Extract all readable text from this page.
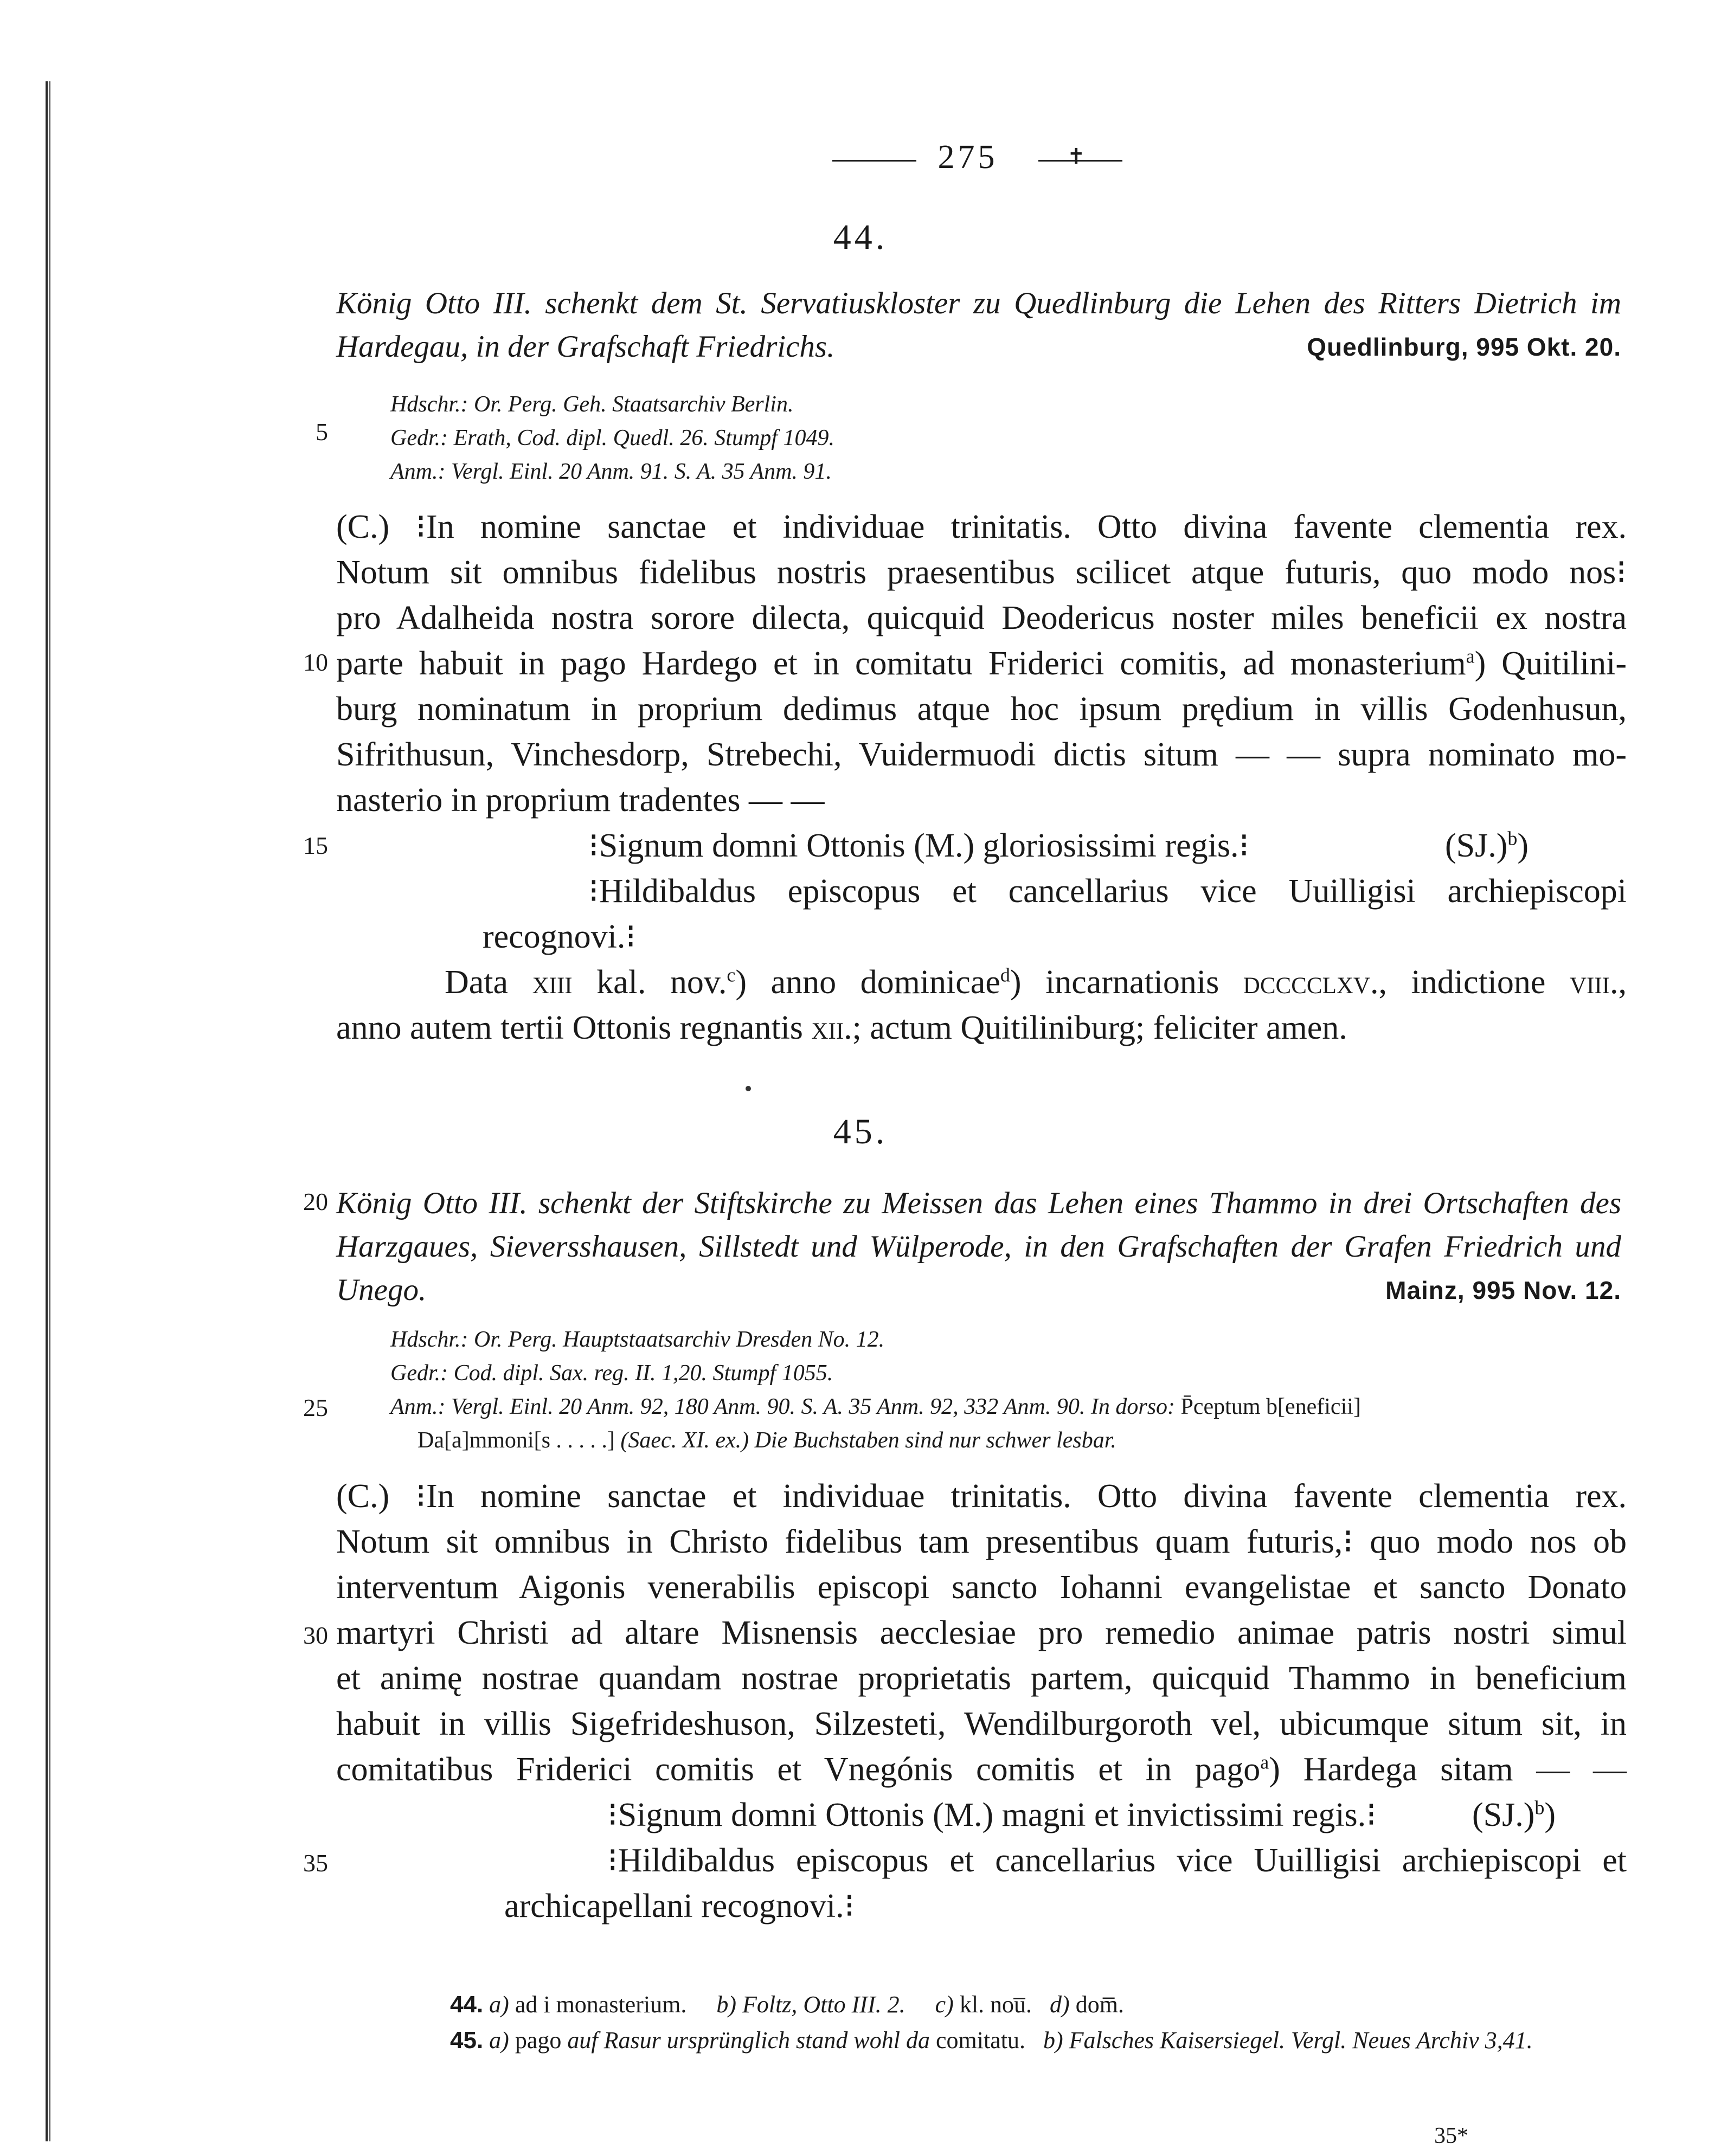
275	✝
44.
König Otto III. schenkt dem St. Servatiuskloster zu Quedlinburg die Lehen des Ritters Dietrich im Hardegau, in der Grafschaft Friedrichs.	Quedlinburg, 995 Okt. 20.
Hdschr.: Or. Perg. Geh. Staatsarchiv Berlin.
Gedr.: Erath, Cod. dipl. Quedl. 26. Stumpf 1049.
Anm.: Vergl. Einl. 20 Anm. 91. S. A. 35 Anm. 91.
(C.) ⁝In nomine sanctae et individuae trinitatis. Otto divina favente clementia rex.
Notum sit omnibus fidelibus nostris praesentibus scilicet atque futuris, quo modo nos⁝
pro Adalheida nostra sorore dilecta, quicquid Deodericus noster miles beneficii ex nostra
parte habuit in pago Hardego et in comitatu Friderici comitis, ad monasterium$^a$) Quitilini-
burg nominatum in proprium dedimus atque hoc ipsum prędium in villis Godenhusun,
Sifrithusun, Vinchesdorp, Strebechi, Vuidermuodi dictis situm — — supra nominato mo-
nasterio in proprium tradentes — —
⁝Signum domni Ottonis (M.) gloriosissimi regis.⁝	$(SJ.)^b$)
⁝Hildibaldus episcopus et cancellarius vice Uuilligisi archiepiscopi
recognovi.⁝
Data xiii kal. nov.$^c$) anno dominicae$^d$) incarnationis dcccclxv., indictione viii.,
anno autem tertii Ottonis regnantis xii.; actum Quitiliniburg; feliciter amen.
45.
König Otto III. schenkt der Stiftskirche zu Meissen das Lehen eines Thammo in drei Ortschaften des Harzgaues, Sieversshausen, Sillstedt und Wülperode, in den Grafschaften der Grafen Friedrich und Unego.	Mainz, 995 Nov. 12.
Hdschr.: Or. Perg. Hauptstaatsarchiv Dresden No. 12.
Gedr.: Cod. dipl. Sax. reg. II. 1,20. Stumpf 1055.
Anm.: Vergl. Einl. 20 Anm. 92, 180 Anm. 90. S. A. 35 Anm. 92, 332 Anm. 90. In dorso: P̄ceptum b[eneficii]
Da[a]mmoni[s . . . . .] (Saec. XI. ex.) Die Buchstaben sind nur schwer lesbar.
(C.) ⁝In nomine sanctae et individuae trinitatis. Otto divina favente clementia rex.
Notum sit omnibus in Christo fidelibus tam presentibus quam futuris,⁝ quo modo nos ob
interventum Aigonis venerabilis episcopi sancto Iohanni evangelistae et sancto Donato
martyri Christi ad altare Misnensis aecclesiae pro remedio animae patris nostri simul
et animę nostrae quandam nostrae proprietatis partem, quicquid Thammo in beneficium
habuit in villis Sigefrideshuson, Silzesteti, Wendilburgoroth vel, ubicumque situm sit, in
comitatibus Friderici comitis et Vnegónis comitis et in pago$^a$) Hardega sitam — —
⁝Signum domni Ottonis (M.) magni et invictissimi regis.⁝	$(SJ.)^b$)
⁝Hildibaldus episcopus et cancellarius vice Uuilligisi archiepiscopi et
archicapellani recognovi.⁝
5
10
15
20
25
30
35
44. a) ad i monasterium. b) Foltz, Otto III. 2. c) kl. nou̅. d) dom̅.
45. a) pago auf Rasur ursprünglich stand wohl da comitatu. b) Falsches Kaisersiegel. Vergl. Neues Archiv 3,41.
35*
